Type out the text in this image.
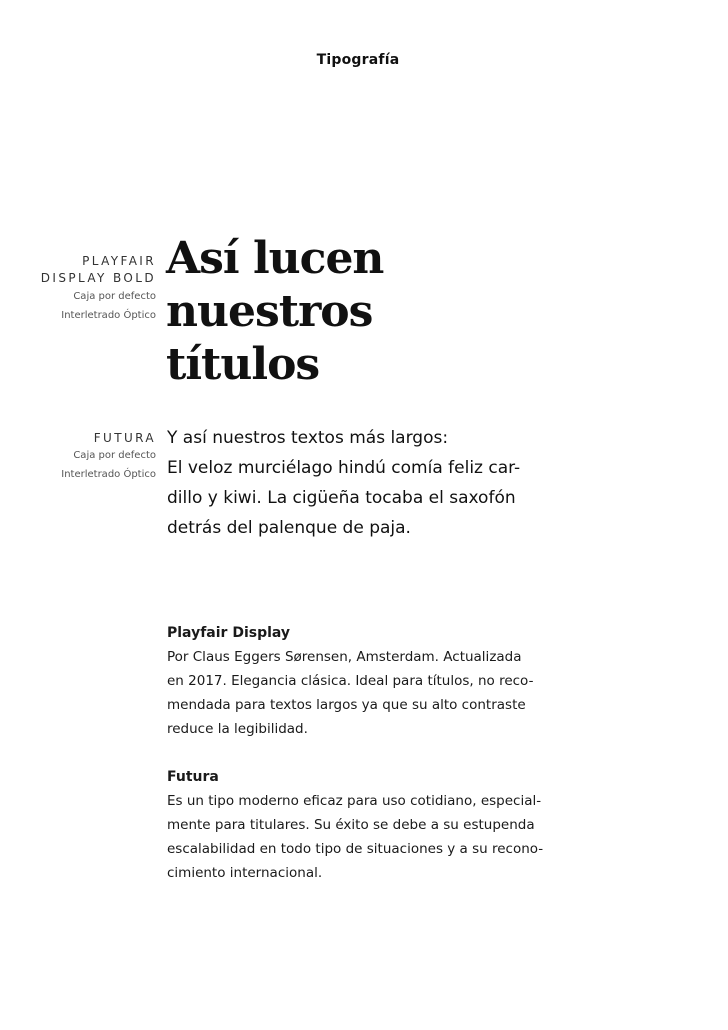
Tipografía
PLAYFAIR
DISPLAY BOLD
Caja por defecto
Interletrado Óptico
Así lucen
nuestros
títulos
FUTURA
Caja por defecto
Interletrado Óptico
Y así nuestros textos más largos:
El veloz murciélago hindú comía feliz car-
dillo y kiwi. La cigüeña tocaba el saxofón
detrás del palenque de paja.
Playfair Display
Por Claus Eggers Sørensen, Amsterdam. Actualizada
en 2017. Elegancia clásica. Ideal para títulos, no reco-
mendada para textos largos ya que su alto contraste
reduce la legibilidad.
Futura
Es un tipo moderno eficaz para uso cotidiano, especial-
mente para titulares. Su éxito se debe a su estupenda
escalabilidad en todo tipo de situaciones y a su recono-
cimiento internacional.
